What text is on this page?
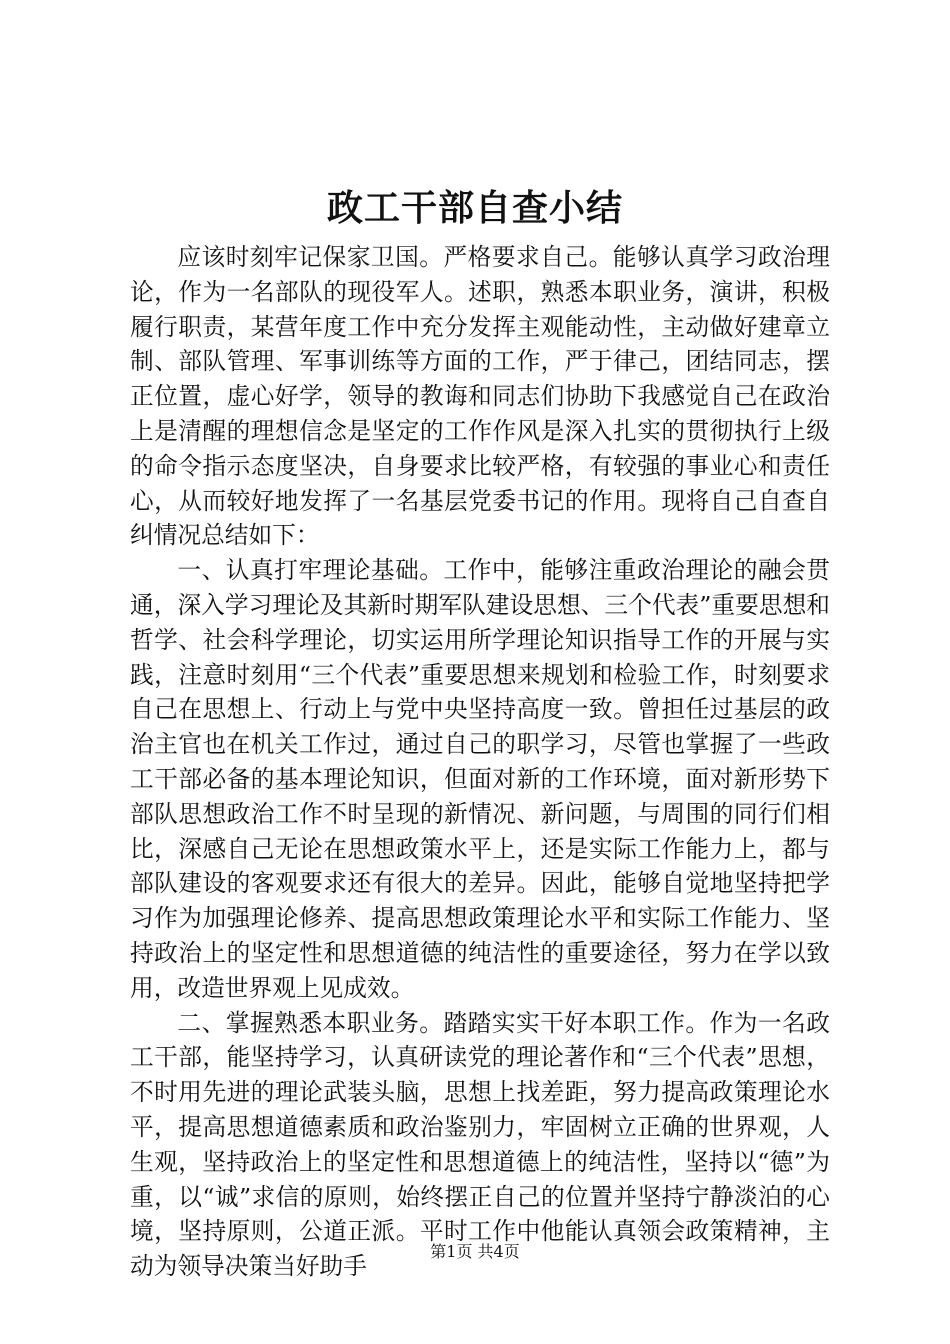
政工干部自查小结

应该时刻牢记保家卫国。严格要求自己。能够认真学习政治理论，作为一名部队的现役军人。述职，熟悉本职业务，演讲，积极履行职责，某营年度工作中充分发挥主观能动性，主动做好建章立制、部队管理、军事训练等方面的工作，严于律己，团结同志，摆正位置，虚心好学，领导的教诲和同志们协助下我感觉自己在政治上是清醒的理想信念是坚定的工作作风是深入扎实的贯彻执行上级的命令指示态度坚决，自身要求比较严格，有较强的事业心和责任心，从而较好地发挥了一名基层党委书记的作用。现将自己自查自纠情况总结如下：

一、认真打牢理论基础。工作中，能够注重政治理论的融会贯通，深入学习理论及其新时期军队建设思想、三个代表”重要思想和哲学、社会科学理论，切实运用所学理论知识指导工作的开展与实践，注意时刻用“三个代表”重要思想来规划和检验工作，时刻要求自己在思想上、行动上与党中央坚持高度一致。曾担任过基层的政治主官也在机关工作过，通过自己的职学习，尽管也掌握了一些政工干部必备的基本理论知识，但面对新的工作环境，面对新形势下部队思想政治工作不时呈现的新情况、新问题，与周围的同行们相比，深感自己无论在思想政策水平上，还是实际工作能力上，都与部队建设的客观要求还有很大的差异。因此，能够自觉地坚持把学习作为加强理论修养、提高思想政策理论水平和实际工作能力、坚持政治上的坚定性和思想道德的纯洁性的重要途径，努力在学以致用，改造世界观上见成效。

二、掌握熟悉本职业务。踏踏实实干好本职工作。作为一名政工干部，能坚持学习，认真研读党的理论著作和“三个代表”思想，不时用先进的理论武装头脑，思想上找差距，努力提高政策理论水平，提高思想道德素质和政治鉴别力，牢固树立正确的世界观，人生观，坚持政治上的坚定性和思想道德上的纯洁性，坚持以“德”为重，以“诚”求信的原则，始终摆正自己的位置并坚持宁静淡泊的心境，坚持原则，公道正派。平时工作中他能认真领会政策精神，主动为领导决策当好助手

第1页 共4页
